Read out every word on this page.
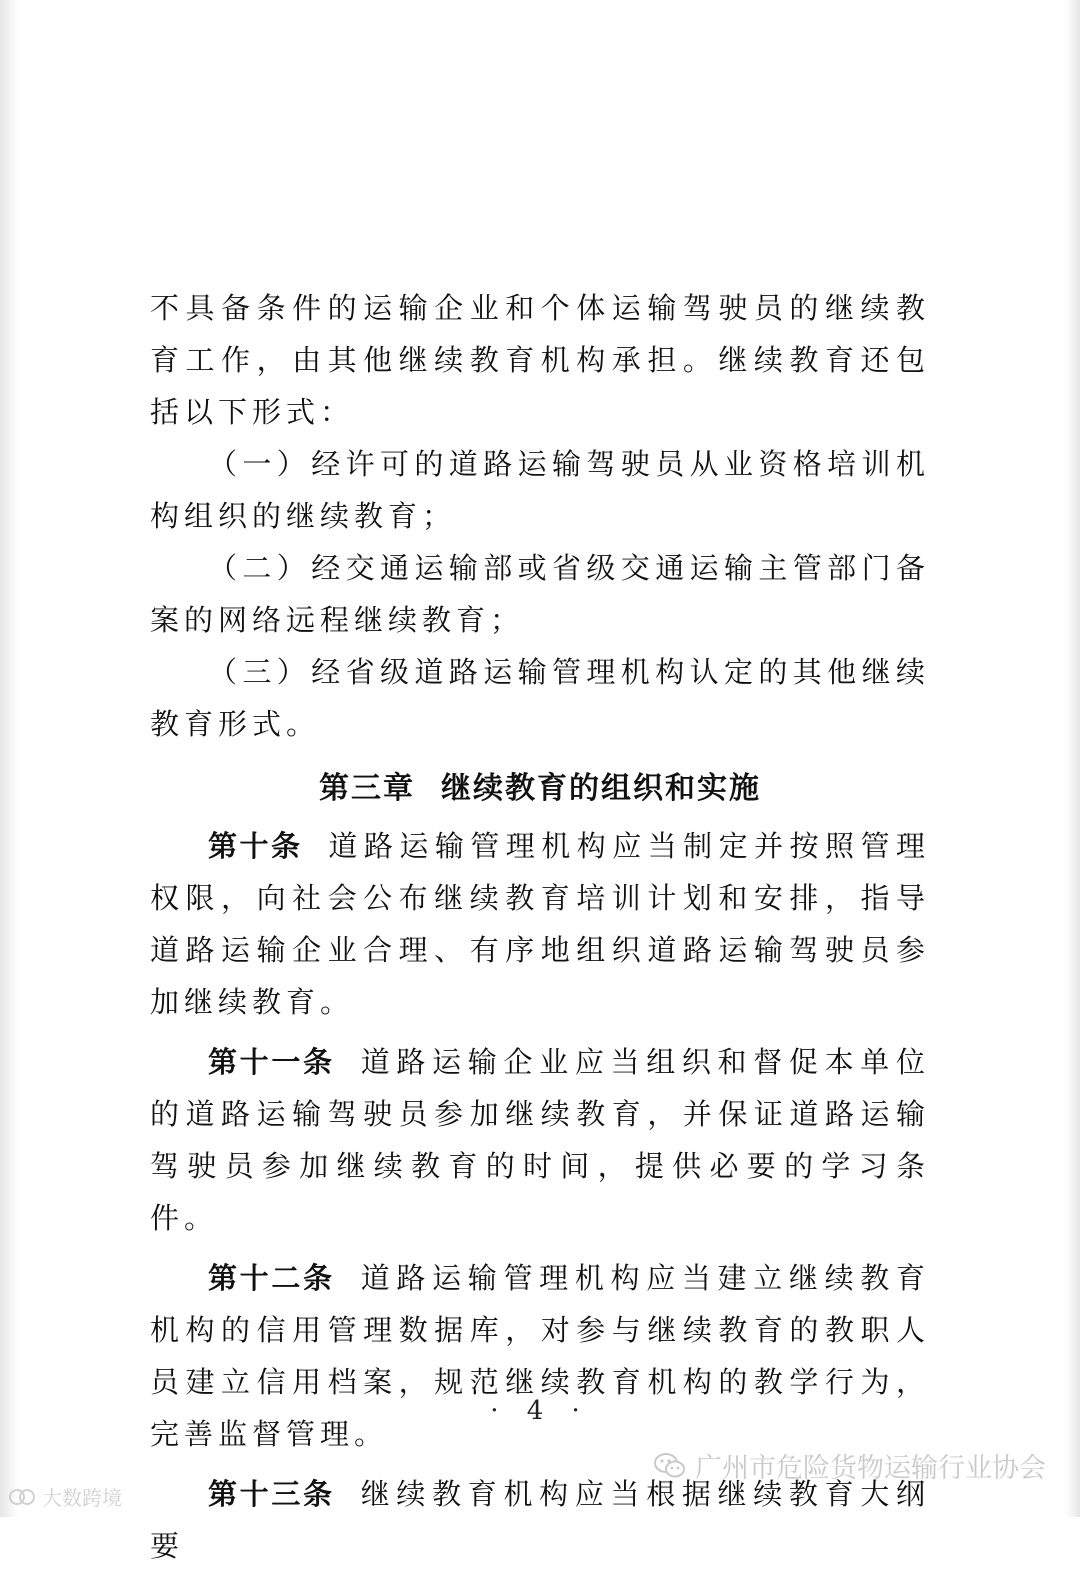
不具备条件的运输企业和个体运输驾驶员的继续教育工作，由其他继续教育机构承担。继续教育还包括以下形式：

（一）经许可的道路运输驾驶员从业资格培训机构组织的继续教育；

（二）经交通运输部或省级交通运输主管部门备案的网络远程继续教育；

（三）经省级道路运输管理机构认定的其他继续教育形式。

第三章 继续教育的组织和实施

第十条 道路运输管理机构应当制定并按照管理权限，向社会公布继续教育培训计划和安排，指导道路运输企业合理、有序地组织道路运输驾驶员参加继续教育。

第十一条 道路运输企业应当组织和督促本单位的道路运输驾驶员参加继续教育，并保证道路运输驾驶员参加继续教育的时间，提供必要的学习条件。

第十二条 道路运输管理机构应当建立继续教育机构的信用管理数据库，对参与继续教育的教职人员建立信用档案，规范继续教育机构的教学行为，完善监督管理。

第十三条 继续教育机构应当根据继续教育大纲要

· 4 ·
广州市危险货物运输行业协会
大数跨境
